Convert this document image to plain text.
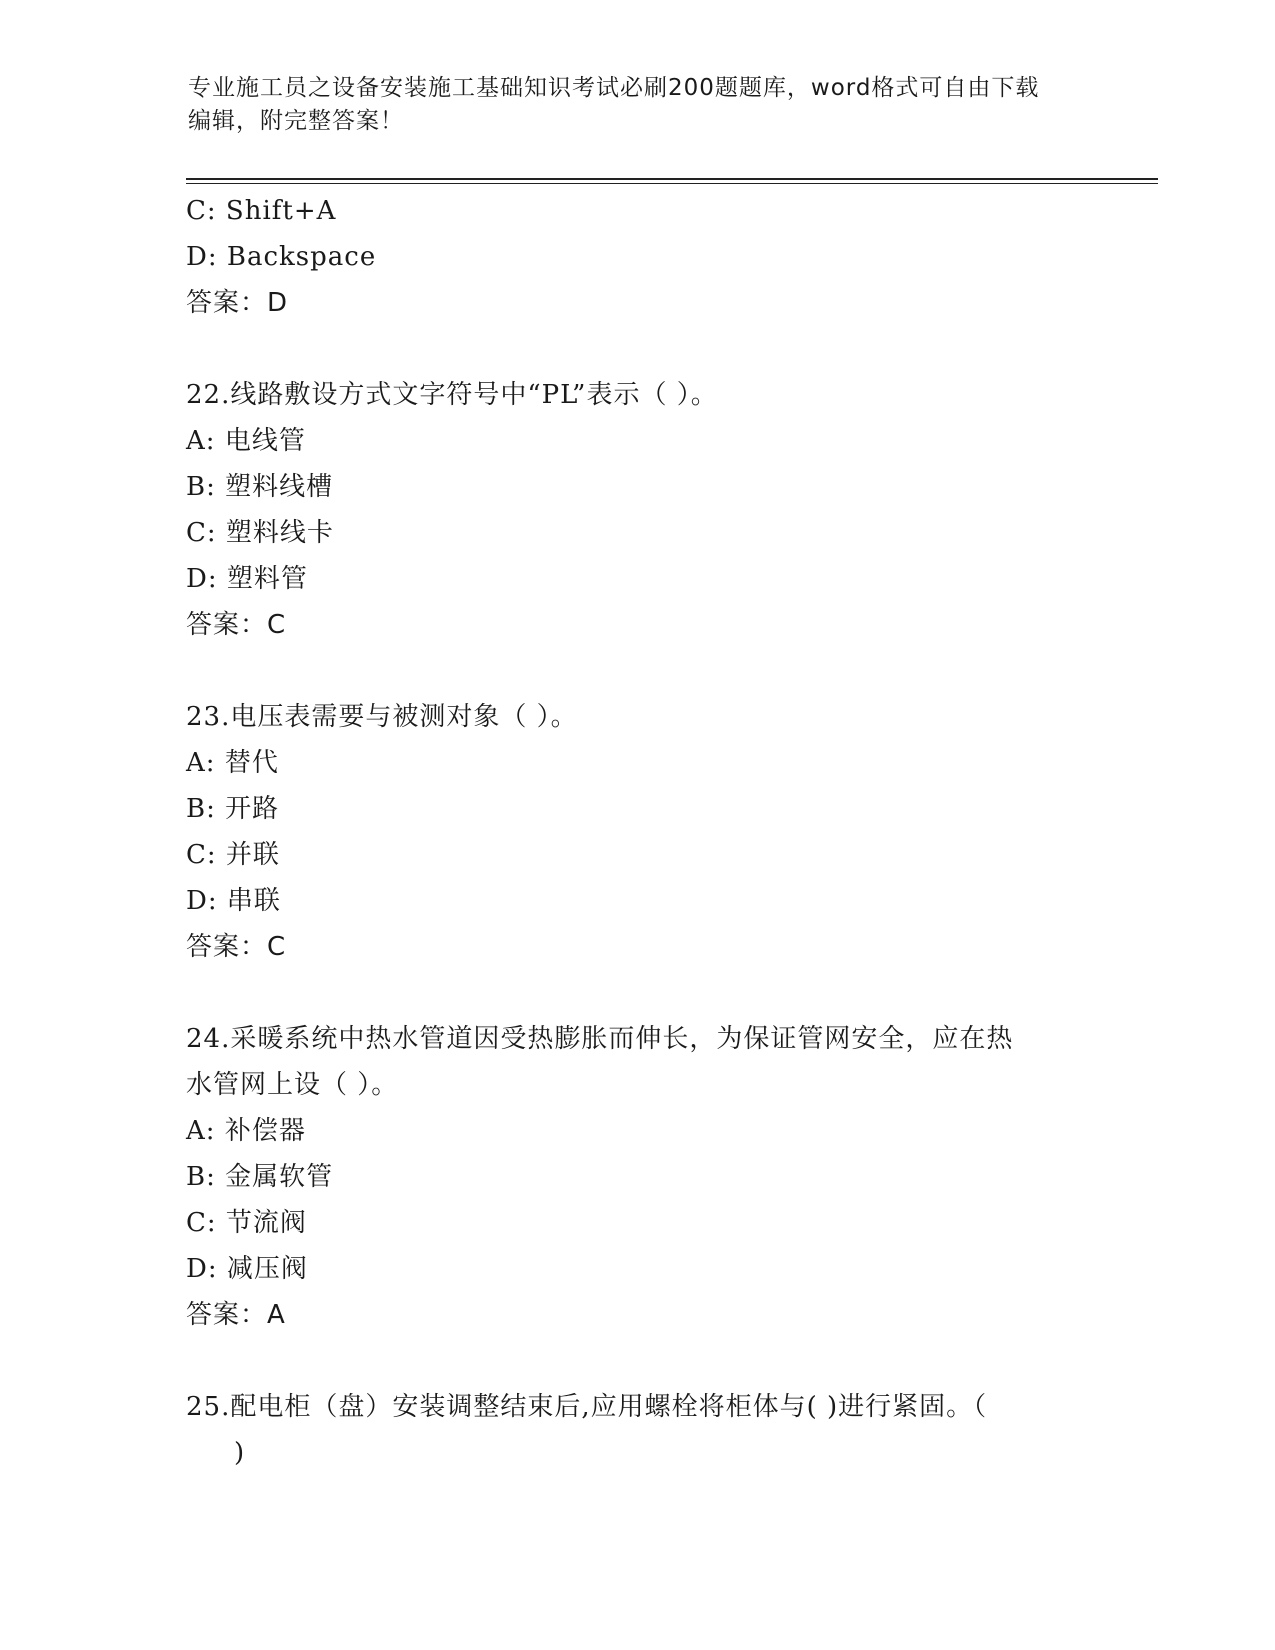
专业施工员之设备安装施工基础知识考试必刷200题题库，word格式可自由下载
编辑，附完整答案！
C: Shift+A
D: Backspace
答案：D
22.线路敷设方式文字符号中“PL”表示（ ）。
A: 电线管
B: 塑料线槽
C: 塑料线卡
D: 塑料管
答案：C
23.电压表需要与被测对象（ ）。
A: 替代
B: 开路
C: 并联
D: 串联
答案：C
24.采暖系统中热水管道因受热膨胀而伸长，为保证管网安全，应在热
水管网上设（ ）。
A: 补偿器
B: 金属软管
C: 节流阀
D: 减压阀
答案：A
25.配电柜（盘）安装调整结束后,应用螺栓将柜体与( )进行紧固。（
)
